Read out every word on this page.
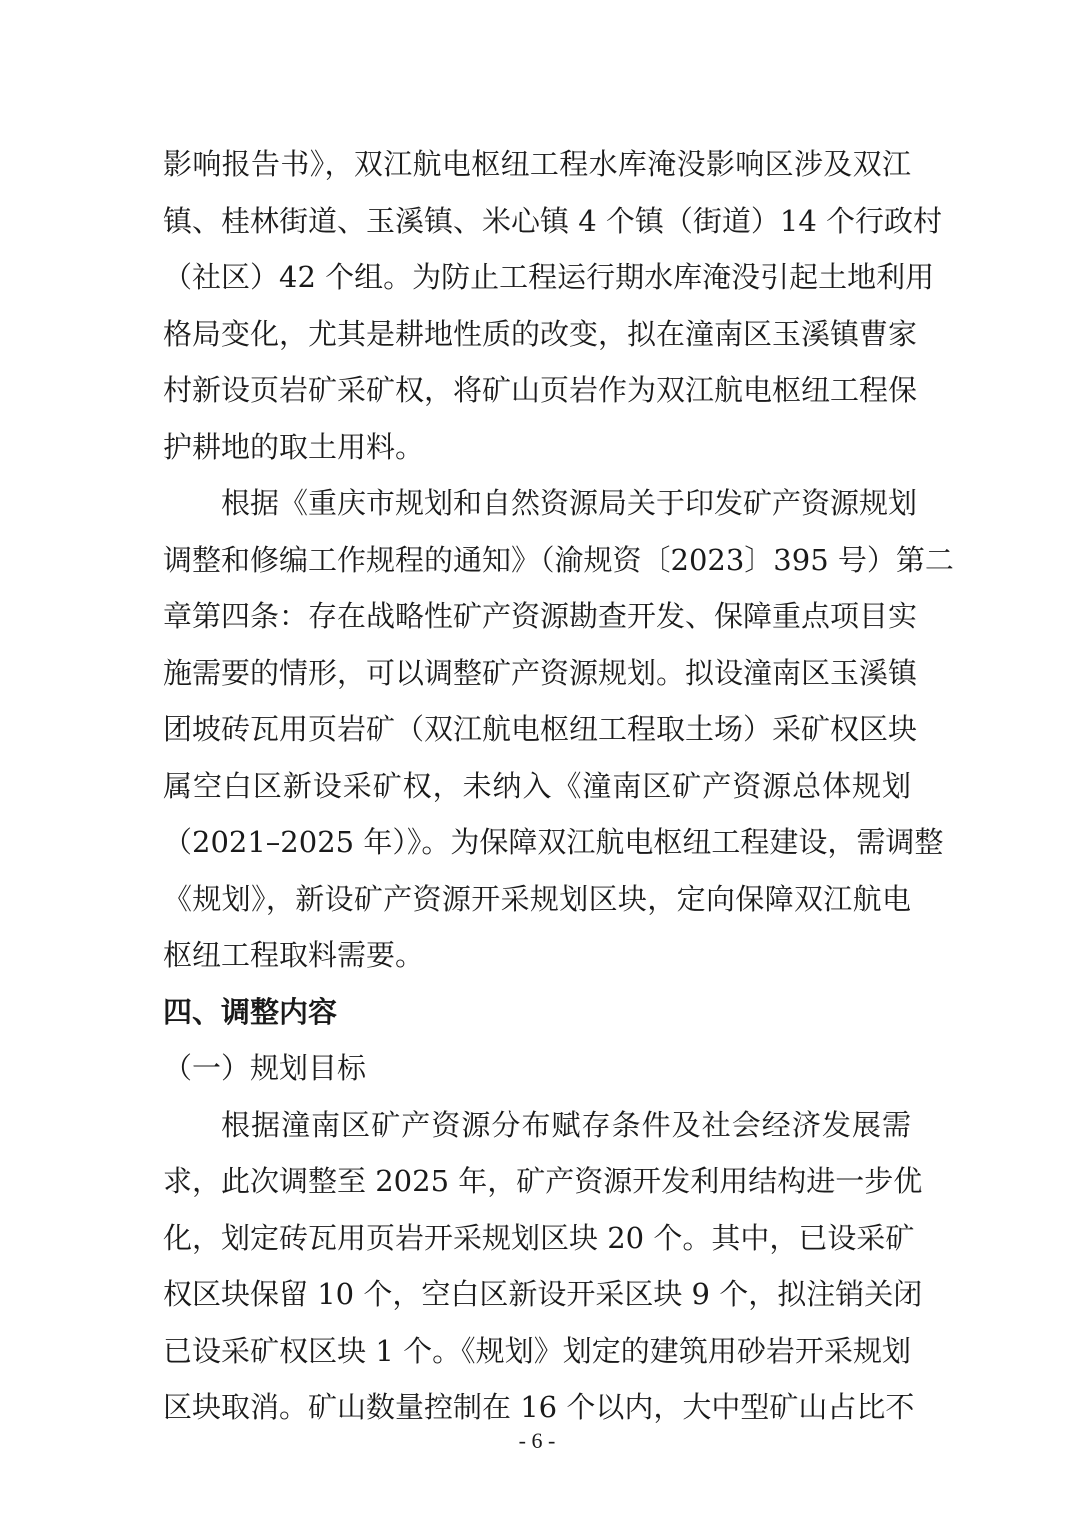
影响报告书》，双江航电枢纽工程水库淹没影响区涉及双江
镇、桂林街道、玉溪镇、米心镇 4 个镇（街道）14 个行政村
（社区）42 个组。为防止工程运行期水库淹没引起土地利用
格局变化，尤其是耕地性质的改变，拟在潼南区玉溪镇曹家
村新设页岩矿采矿权，将矿山页岩作为双江航电枢纽工程保
护耕地的取土用料。
根据《重庆市规划和自然资源局关于印发矿产资源规划
调整和修编工作规程的通知》（渝规资〔2023〕395 号）第二
章第四条：存在战略性矿产资源勘查开发、保障重点项目实
施需要的情形，可以调整矿产资源规划。拟设潼南区玉溪镇
团坡砖瓦用页岩矿（双江航电枢纽工程取土场）采矿权区块
属空白区新设采矿权，未纳入《潼南区矿产资源总体规划
（2021–2025 年）》。为保障双江航电枢纽工程建设，需调整
《规划》，新设矿产资源开采规划区块，定向保障双江航电
枢纽工程取料需要。
四、调整内容
（一）规划目标
根据潼南区矿产资源分布赋存条件及社会经济发展需
求，此次调整至 2025 年，矿产资源开发利用结构进一步优
化，划定砖瓦用页岩开采规划区块 20 个。其中，已设采矿
权区块保留 10 个，空白区新设开采区块 9 个，拟注销关闭
已设采矿权区块 1 个。《规划》划定的建筑用砂岩开采规划
区块取消。矿山数量控制在 16 个以内，大中型矿山占比不
- 6 -
